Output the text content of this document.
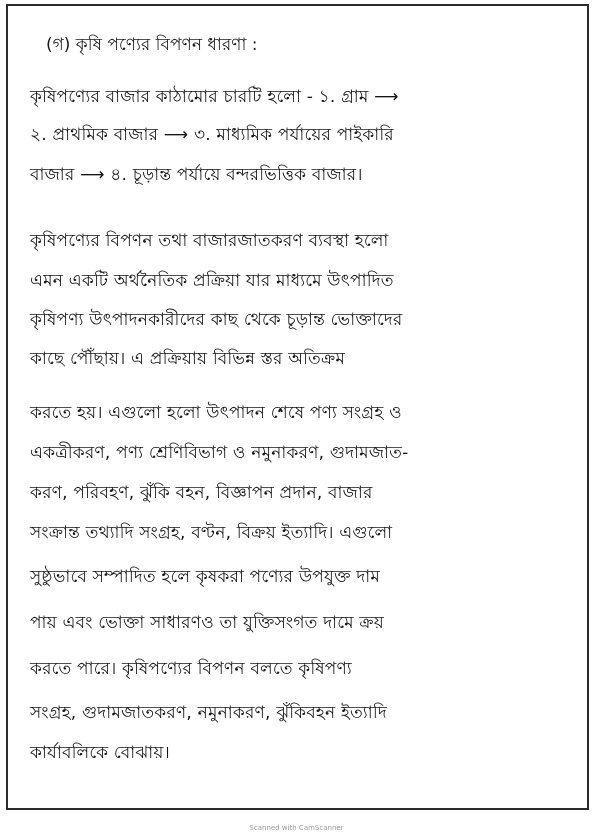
(গ) কৃষি পণ্যের বিপণন ধারণা :
কৃষিপণ্যের বাজার কাঠামোর চারটি হলো - ১. গ্রাম ⟶
২. প্রাথমিক বাজার ⟶ ৩. মাধ্যমিক পর্যায়ের পাইকারি
বাজার ⟶ ৪. চূড়ান্ত পর্যায়ে বন্দরভিত্তিক বাজার।
কৃষিপণ্যের বিপণন তথা বাজারজাতকরণ ব্যবস্থা হলো
এমন একটি অর্থনৈতিক প্রক্রিয়া যার মাধ্যমে উৎপাদিত
কৃষিপণ্য উৎপাদনকারীদের কাছ থেকে চূড়ান্ত ভোক্তাদের
কাছে পৌঁছায়। এ প্রক্রিয়ায় বিভিন্ন স্তর অতিক্রম
করতে হয়। এগুলো হলো উৎপাদন শেষে পণ্য সংগ্রহ ও
একত্রীকরণ, পণ্য শ্রেণিবিভাগ ও নমুনাকরণ, গুদামজাত-
করণ, পরিবহণ, ঝুঁকি বহন, বিজ্ঞাপন প্রদান, বাজার
সংক্রান্ত তথ্যাদি সংগ্রহ, বণ্টন, বিক্রয় ইত্যাদি। এগুলো
সুষ্ঠুভাবে সম্পাদিত হলে কৃষকরা পণ্যের উপযুক্ত দাম
পায় এবং ভোক্তা সাধারণও তা যুক্তিসংগত দামে ক্রয়
করতে পারে। কৃষিপণ্যের বিপণন বলতে কৃষিপণ্য
সংগ্রহ, গুদামজাতকরণ, নমুনাকরণ, ঝুঁকিবহন ইত্যাদি
কার্যাবলিকে বোঝায়।
Scanned with CamScanner
